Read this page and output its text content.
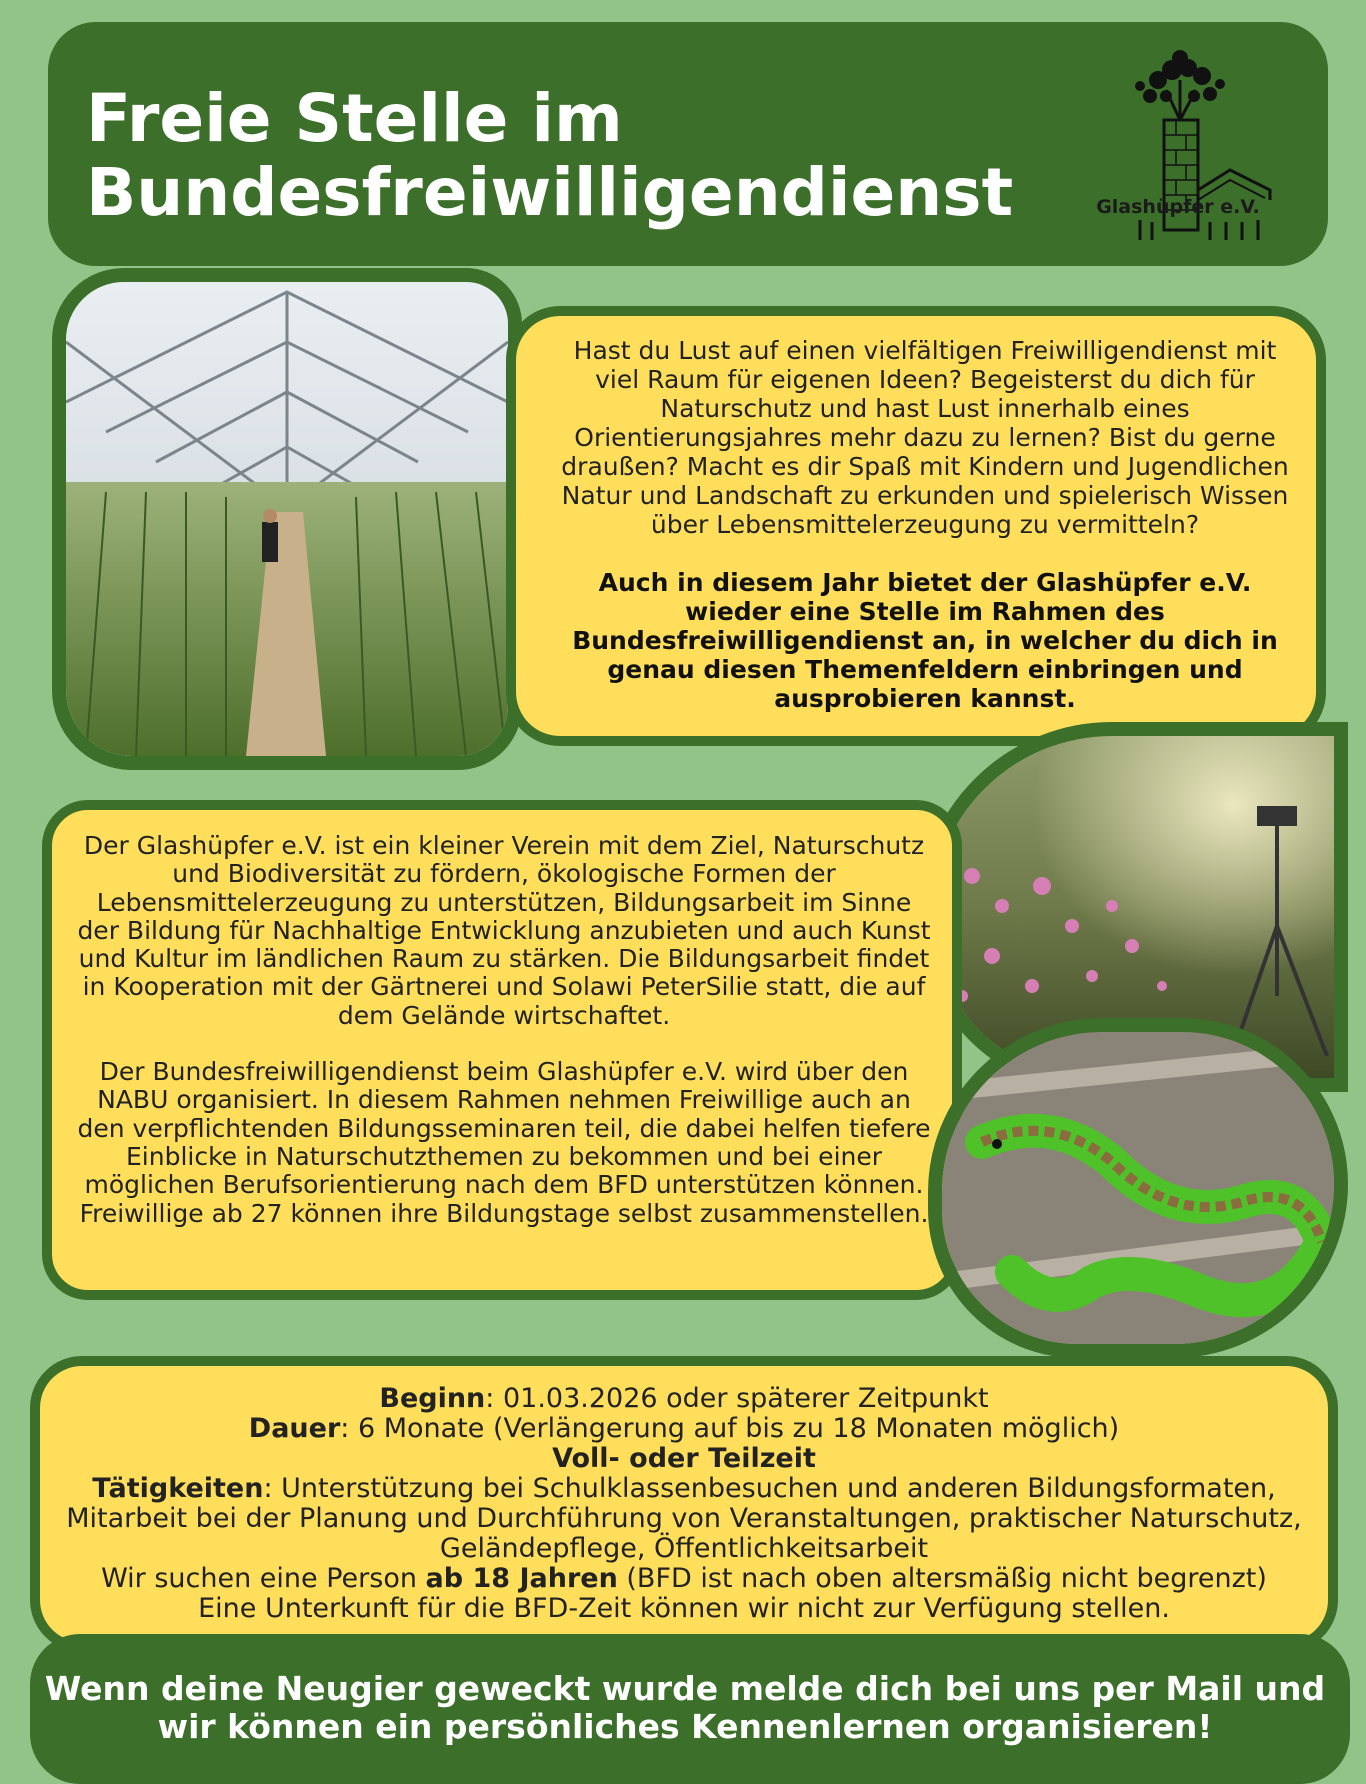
Freie Stelle im
Bundesfreiwilligendienst	Glashüpfer e.V.

Hast du Lust auf einen vielfältigen Freiwilligendienst mit viel Raum für eigenen Ideen? Begeisterst du dich für Naturschutz und hast Lust innerhalb eines Orientierungsjahres mehr dazu zu lernen? Bist du gerne draußen? Macht es dir Spaß mit Kindern und Jugendlichen Natur und Landschaft zu erkunden und spielerisch Wissen über Lebensmittelerzeugung zu vermitteln?

Auch in diesem Jahr bietet der Glashüpfer e.V. wieder eine Stelle im Rahmen des Bundesfreiwilligendienst an, in welcher du dich in genau diesen Themenfeldern einbringen und ausprobieren kannst.

Der Glashüpfer e.V. ist ein kleiner Verein mit dem Ziel, Naturschutz und Biodiversität zu fördern, ökologische Formen der Lebensmittelerzeugung zu unterstützen, Bildungsarbeit im Sinne der Bildung für Nachhaltige Entwicklung anzubieten und auch Kunst und Kultur im ländlichen Raum zu stärken. Die Bildungsarbeit findet in Kooperation mit der Gärtnerei und Solawi PeterSilie statt, die auf dem Gelände wirtschaftet.

Der Bundesfreiwilligendienst beim Glashüpfer e.V. wird über den NABU organisiert. In diesem Rahmen nehmen Freiwillige auch an den verpflichtenden Bildungsseminaren teil, die dabei helfen tiefere Einblicke in Naturschutzthemen zu bekommen und bei einer möglichen Berufsorientierung nach dem BFD unterstützen können. Freiwillige ab 27 können ihre Bildungstage selbst zusammenstellen.

Beginn: 01.03.2026 oder späterer Zeitpunkt
Dauer: 6 Monate (Verlängerung auf bis zu 18 Monaten möglich)
Voll- oder Teilzeit
Tätigkeiten: Unterstützung bei Schulklassenbesuchen und anderen Bildungsformaten, Mitarbeit bei der Planung und Durchführung von Veranstaltungen, praktischer Naturschutz, Geländepflege, Öffentlichkeitsarbeit
Wir suchen eine Person ab 18 Jahren (BFD ist nach oben altersmäßig nicht begrenzt)
Eine Unterkunft für die BFD-Zeit können wir nicht zur Verfügung stellen.
Wenn deine Neugier geweckt wurde melde dich bei uns per Mail und wir können ein persönliches Kennenlernen organisieren!
